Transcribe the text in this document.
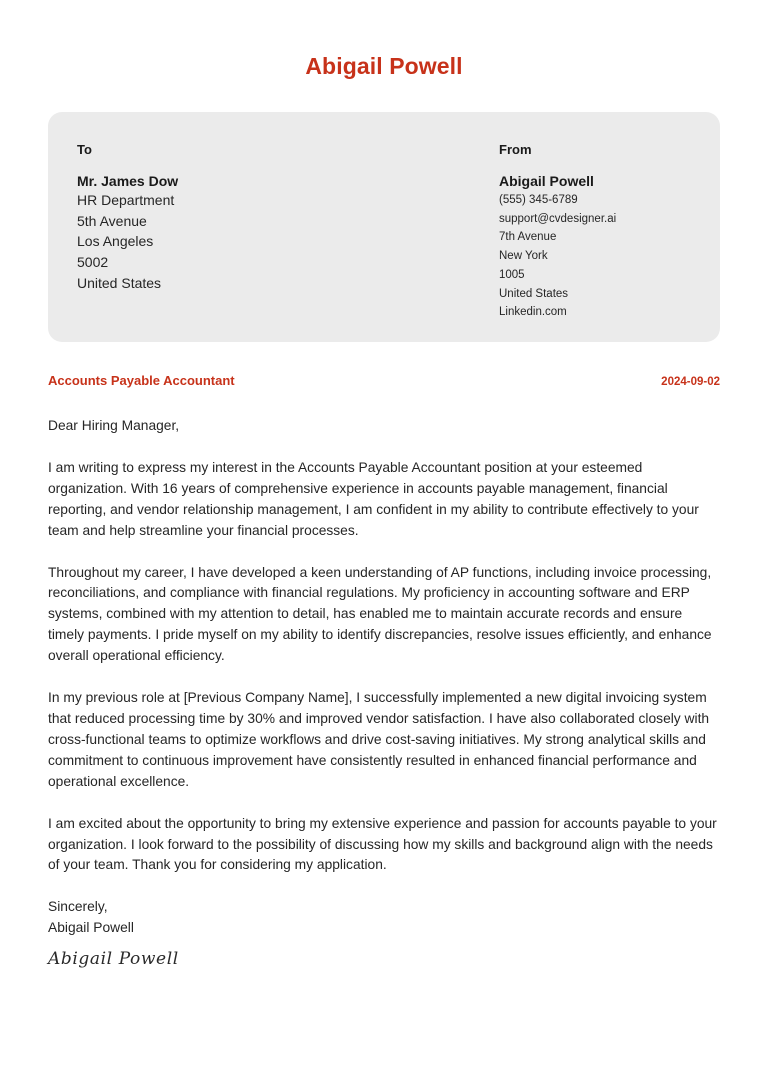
Abigail Powell
To
Mr. James Dow
HR Department
5th Avenue
Los Angeles
5002
United States
From
Abigail Powell
(555) 345-6789
support@cvdesigner.ai
7th Avenue
New York
1005
United States
Linkedin.com
Accounts Payable Accountant	2024-09-02
Dear Hiring Manager,

I am writing to express my interest in the Accounts Payable Accountant position at your esteemed organization. With 16 years of comprehensive experience in accounts payable management, financial reporting, and vendor relationship management, I am confident in my ability to contribute effectively to your team and help streamline your financial processes.

Throughout my career, I have developed a keen understanding of AP functions, including invoice processing, reconciliations, and compliance with financial regulations. My proficiency in accounting software and ERP systems, combined with my attention to detail, has enabled me to maintain accurate records and ensure timely payments. I pride myself on my ability to identify discrepancies, resolve issues efficiently, and enhance overall operational efficiency.

In my previous role at [Previous Company Name], I successfully implemented a new digital invoicing system that reduced processing time by 30% and improved vendor satisfaction. I have also collaborated closely with cross-functional teams to optimize workflows and drive cost-saving initiatives. My strong analytical skills and commitment to continuous improvement have consistently resulted in enhanced financial performance and operational excellence.

I am excited about the opportunity to bring my extensive experience and passion for accounts payable to your organization. I look forward to the possibility of discussing how my skills and background align with the needs of your team. Thank you for considering my application.

Sincerely,
Abigail Powell
Abigail Powell
